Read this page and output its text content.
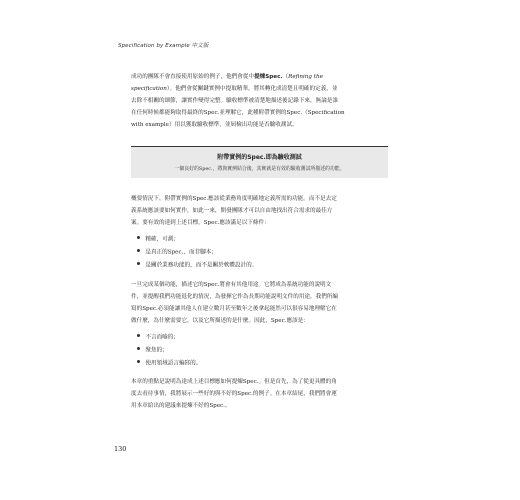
Specification by Example 中文版
成功的團隊不會直接使用原始的例子，他們會從中提煉Spec.（Refining the
specification）。他們會從關鍵實例中提取精華，將其轉化成清楚且明確的定義，並
去除不相關的細節，讓實作變得完整。驗收標準被清楚地描述後記錄下來，無論是誰
在任何時候都能夠取得最終的Spec.並理解它，此種附帶實例的Spec.（Specification
with example）用以獲取驗收標準，並屆檢出功能是否驗收測試。
附帶實例的Spec.即為驗收測試
一個良好的Spec.，將與實例結合後，其實就是有效的驗收測試所描述的功能。
概要情況下，附帶實例的Spec.應該從業務角度明確地定義所需的功能。而不是去定
義系統應該要如何實作，如此一來，開發團隊才可以自由地找出符合需求的最佳方
案。要有效的達到上述目標，Spec.應該滿足以下條件：
精確，可測；
是真正的Spec.，而非腳本；
是關於業務功能的，而不是關於軟體設計的。
一旦完成某個功能，描述它的Spec.將會有其他用途。它將成為系統功能的說明文
件，並提醒我們功能退化的情況，為發揮它作為長期功能說明文件的用途，我們所編
寫的Spec.必須能讓其他人在建立數月甚至數年之後拿起能然可以很容易地理解它在
做什麼，為什麼需要它，以及它所描述的是什麼。因此，Spec.應該是：
不言而喻的；
聚焦的；
使用領域語言編寫的。
本章的重點是說明為達成上述目標應如何提煉Spec.。但是首先，為了從更具體的角
度去看待事情，我將展示一些好的與不好的Spec.的例子。在本章結尾，我們將會運
用本章給出的建議來提煉不好的Spec.。
130
